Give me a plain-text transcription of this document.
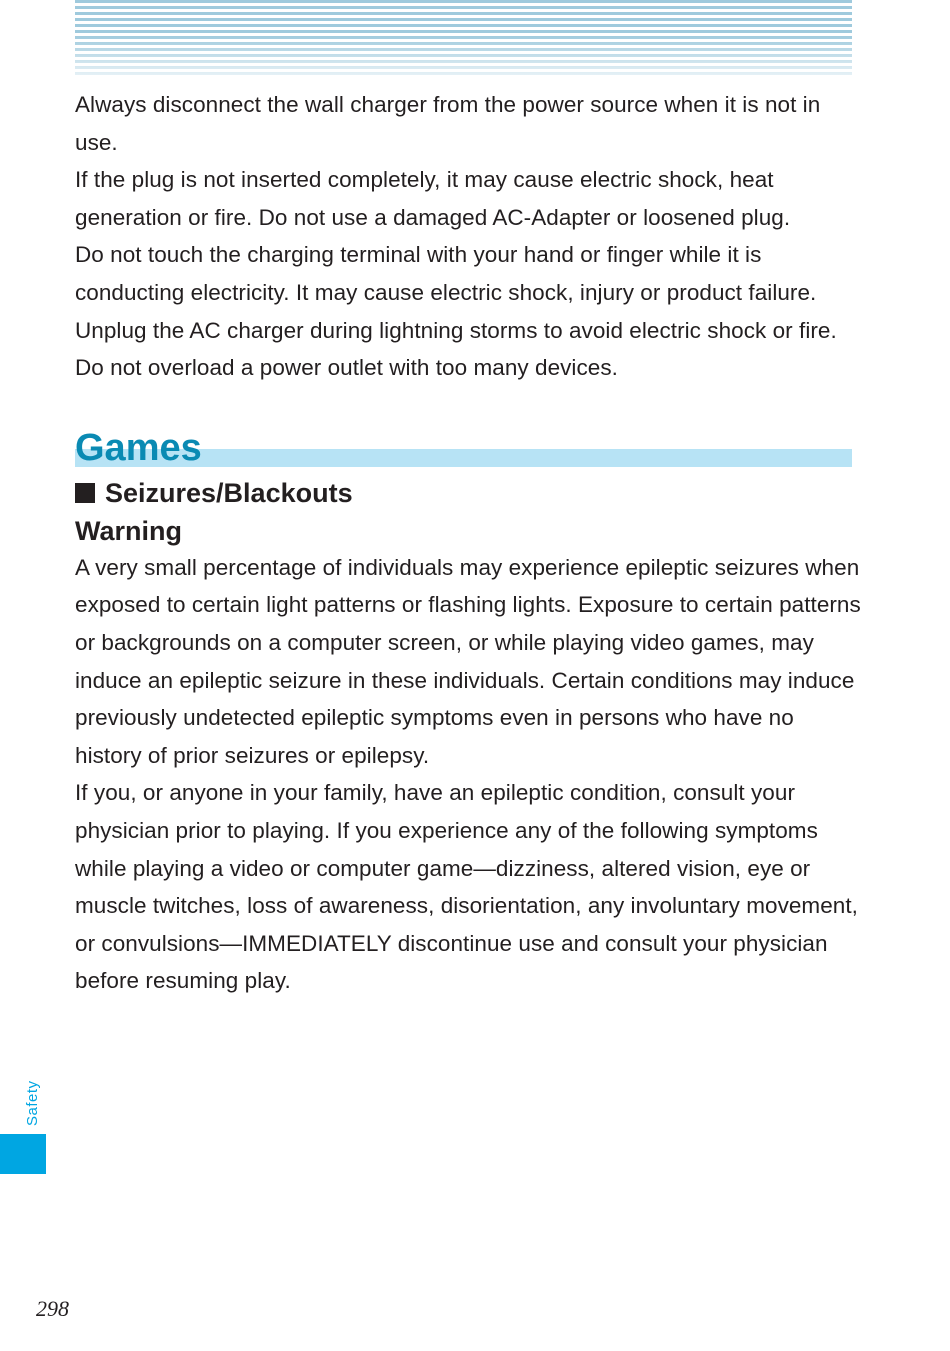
Always disconnect the wall charger from the power source when it is not in use.

If the plug is not inserted completely, it may cause electric shock, heat generation or fire. Do not use a damaged AC-Adapter or loosened plug.

Do not touch the charging terminal with your hand or finger while it is conducting electricity. It may cause electric shock, injury or product failure.

Unplug the AC charger during lightning storms to avoid electric shock or fire.

Do not overload a power outlet with too many devices.

Games
Seizures/Blackouts
Warning

A very small percentage of individuals may experience epileptic seizures when exposed to certain light patterns or flashing lights. Exposure to certain patterns or backgrounds on a computer screen, or while playing video games, may induce an epileptic seizure in these individuals. Certain conditions may induce previously undetected epileptic symptoms even in persons who have no history of prior seizures or epilepsy.

If you, or anyone in your family, have an epileptic condition, consult your physician prior to playing. If you experience any of the following symptoms while playing a video or computer game—dizziness, altered vision, eye or muscle twitches, loss of awareness, disorientation, any involuntary movement, or convulsions—IMMEDIATELY discontinue use and consult your physician before resuming play.

Safety
298
